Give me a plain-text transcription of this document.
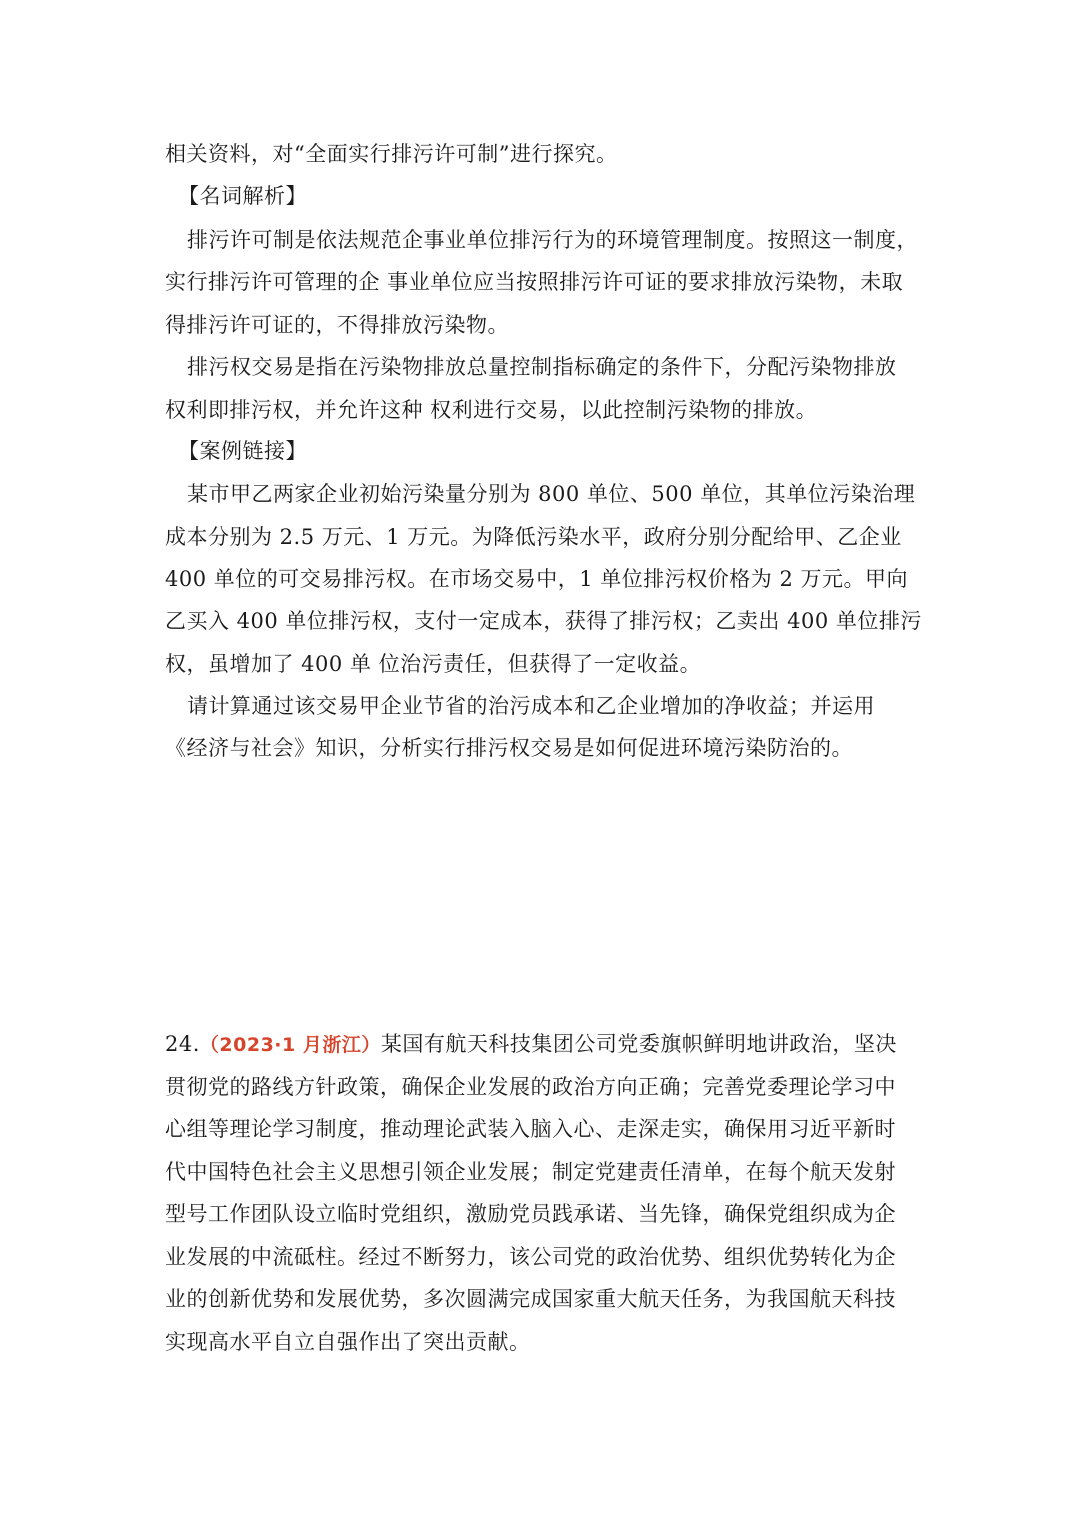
相关资料，对“全面实行排污许可制”进行探究。
【名词解析】
排污许可制是依法规范企事业单位排污行为的环境管理制度。按照这一制度，
实行排污许可管理的企 事业单位应当按照排污许可证的要求排放污染物，未取
得排污许可证的，不得排放污染物。
排污权交易是指在污染物排放总量控制指标确定的条件下，分配污染物排放
权利即排污权，并允许这种 权利进行交易，以此控制污染物的排放。
【案例链接】
某市甲乙两家企业初始污染量分别为 800 单位、500 单位，其单位污染治理
成本分别为 2.5 万元、1 万元。为降低污染水平，政府分别分配给甲、乙企业
400 单位的可交易排污权。在市场交易中，1 单位排污权价格为 2 万元。甲向
乙买入 400 单位排污权，支付一定成本，获得了排污权；乙卖出 400 单位排污
权，虽增加了 400 单 位治污责任，但获得了一定收益。
请计算通过该交易甲企业节省的治污成本和乙企业增加的净收益；并运用
《经济与社会》知识，分析实行排污权交易是如何促进环境污染防治的。
24.（2023·1 月浙江）某国有航天科技集团公司党委旗帜鲜明地讲政治，坚决
贯彻党的路线方针政策，确保企业发展的政治方向正确；完善党委理论学习中
心组等理论学习制度，推动理论武装入脑入心、走深走实，确保用习近平新时
代中国特色社会主义思想引领企业发展；制定党建责任清单，在每个航天发射
型号工作团队设立临时党组织，激励党员践承诺、当先锋，确保党组织成为企
业发展的中流砥柱。经过不断努力，该公司党的政治优势、组织优势转化为企
业的创新优势和发展优势，多次圆满完成国家重大航天任务，为我国航天科技
实现高水平自立自强作出了突出贡献。
